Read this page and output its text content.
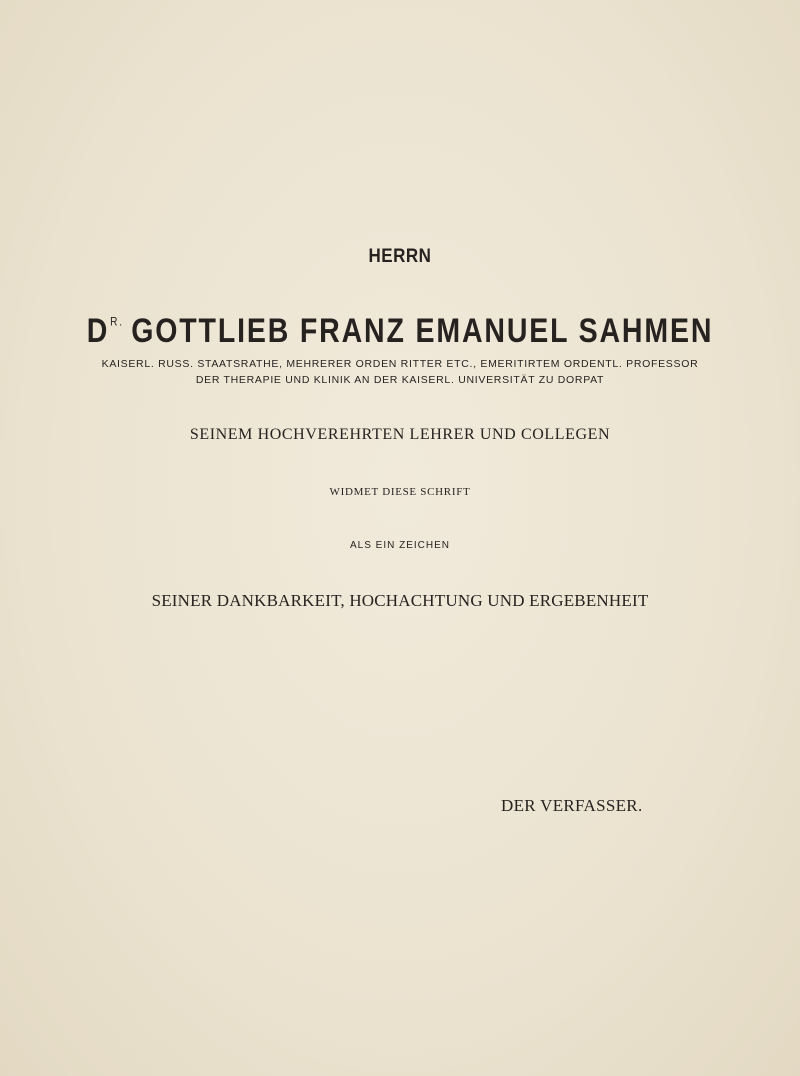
HERRN
$D^{R.}$ GOTTLIEB FRANZ EMANUEL SAHMEN
KAISERL. RUSS. STAATSRATHE, MEHRERER ORDEN RITTER ETC., EMERITIRTEM ORDENTL. PROFESSOR
DER THERAPIE UND KLINIK AN DER KAISERL. UNIVERSITÄT ZU DORPAT
SEINEM HOCHVEREHRTEN LEHRER UND COLLEGEN
WIDMET DIESE SCHRIFT
ALS EIN ZEICHEN
SEINER DANKBARKEIT, HOCHACHTUNG UND ERGEBENHEIT
DER VERFASSER.
